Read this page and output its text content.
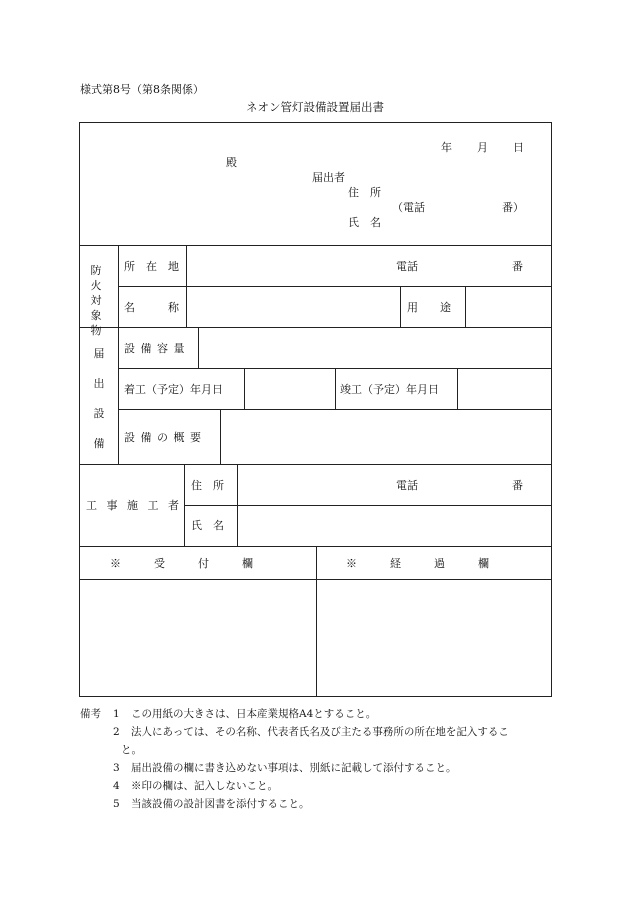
様式第8号（第8条関係）
ネオン管灯設備設置届出書
年 月 日
殿
届出者
住　所
（電話	番）
氏　名
防火対象物
所　在　地	電話	番
名　　　称	用　　途
届出設備
設 備 容 量
着工（予定）年月日	竣工（予定）年月日
設 備 の 概 要
工 事 施 工 者
住　所	電話	番
氏　名
※　　　受　　　付　　　欄	※　　　経　　　過　　　欄
備考 1 この用紙の大きさは、日本産業規格A4とすること。
2 法人にあっては、その名称、代表者氏名及び主たる事務所の所在地を記入するこ
と。
3 届出設備の欄に書き込めない事項は、別紙に記載して添付すること。
4 ※印の欄は、記入しないこと。
5 当該設備の設計図書を添付すること。
